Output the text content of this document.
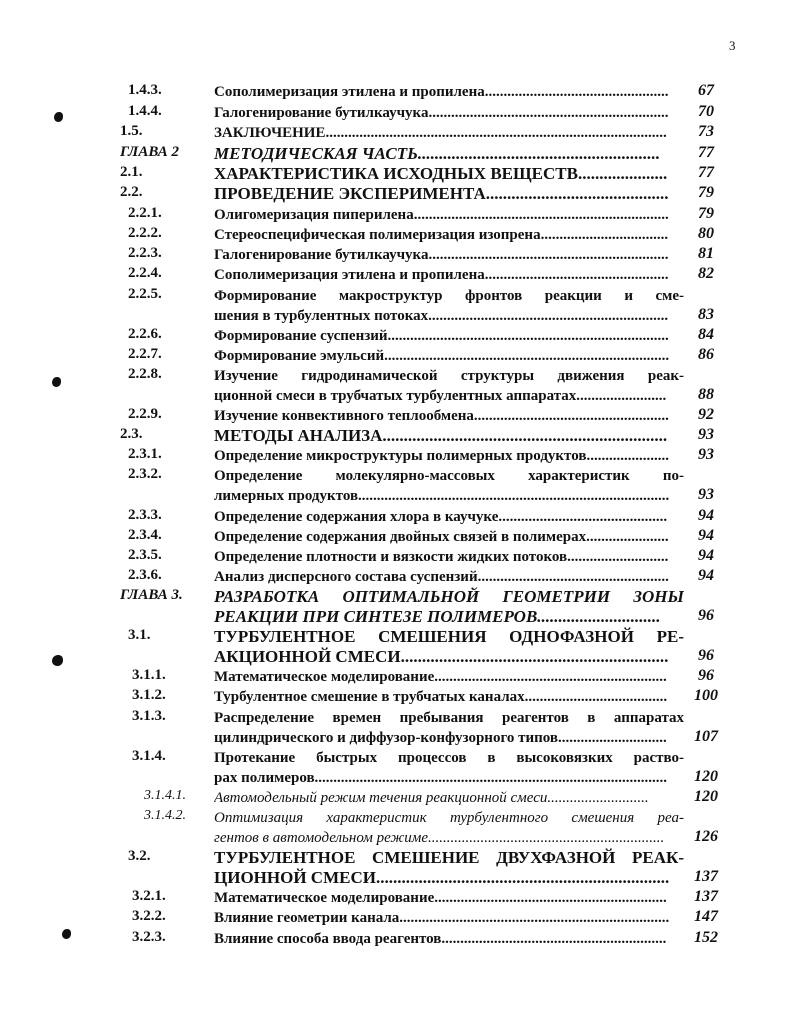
3
1.4.3.	Сополимеризация этилена и пропилена.................................................	67
1.4.4.	Галогенирование бутилкаучука................................................................	70
1.5.	ЗАКЛЮЧЕНИЕ...........................................................................................	73
ГЛАВА 2 МЕТОДИЧЕСКАЯ ЧАСТЬ.........................................................	77
2.1.	ХАРАКТЕРИСТИКА ИСХОДНЫХ ВЕЩЕСТВ.....................	77
2.2.	ПРОВЕДЕНИЕ ЭКСПЕРИМЕНТА...........................................	79
2.2.1.	Олигомеризация пиперилена....................................................................	79
2.2.2.	Стереоспецифическая полимеризация изопрена..................................	80
2.2.3.	Галогенирование бутилкаучука................................................................	81
2.2.4.	Сополимеризация этилена и пропилена.................................................	82
2.2.5.	Формирование макроструктур фронтов реакции и сме-
шения в турбулентных потоках................................................................	83
2.2.6.	Формирование суспензий...........................................................................	84
2.2.7.	Формирование эмульсий............................................................................	86
2.2.8.	Изучение гидродинамической структуры движения реак-
ционной смеси в трубчатых турбулентных аппаратах........................	88
2.2.9.	Изучение конвективного теплообмена....................................................	92
2.3.	МЕТОДЫ АНАЛИЗА...................................................................	93
2.3.1.	Определение микроструктуры полимерных продуктов......................	93
2.3.2.	Определение молекулярно-массовых характеристик по-
лимерных продуктов...................................................................................	93
2.3.3.	Определение содержания хлора в каучуке.............................................	94
2.3.4.	Определение содержания двойных связей в полимерах......................	94
2.3.5.	Определение плотности и вязкости жидких потоков...........................	94
2.3.6.	Анализ дисперсного состава суспензий...................................................	94
ГЛАВА 3. РАЗРАБОТКА ОПТИМАЛЬНОЙ ГЕОМЕТРИИ ЗОНЫ
РЕАКЦИИ ПРИ СИНТЕЗЕ ПОЛИМЕРОВ.............................	96
3.1.	ТУРБУЛЕНТНОЕ СМЕШЕНИЯ ОДНОФАЗНОЙ РЕ-
АКЦИОННОЙ СМЕСИ...............................................................	96
3.1.1.	Математическое моделирование..............................................................	96
3.1.2.	Турбулентное смешение в трубчатых каналах......................................	100
3.1.3.	Распределение времен пребывания реагентов в аппаратах
цилиндрического и диффузор-конфузорного типов.............................	107
3.1.4.	Протекание быстрых процессов в высоковязких раство-
рах полимеров..............................................................................................	120
3.1.4.1. Автомодельный режим течения реакционной смеси...........................	120
3.1.4.2. Оптимизация характеристик турбулентного смешения реа-
гентов в автомодельном режиме...............................................................	126
3.2.	ТУРБУЛЕНТНОЕ СМЕШЕНИЕ ДВУХФАЗНОЙ РЕАК-
ЦИОННОЙ СМЕСИ.....................................................................	137
3.2.1.	Математическое моделирование..............................................................	137
3.2.2.	Влияние геометрии канала........................................................................	147
3.2.3.	Влияние способа ввода реагентов............................................................	152
